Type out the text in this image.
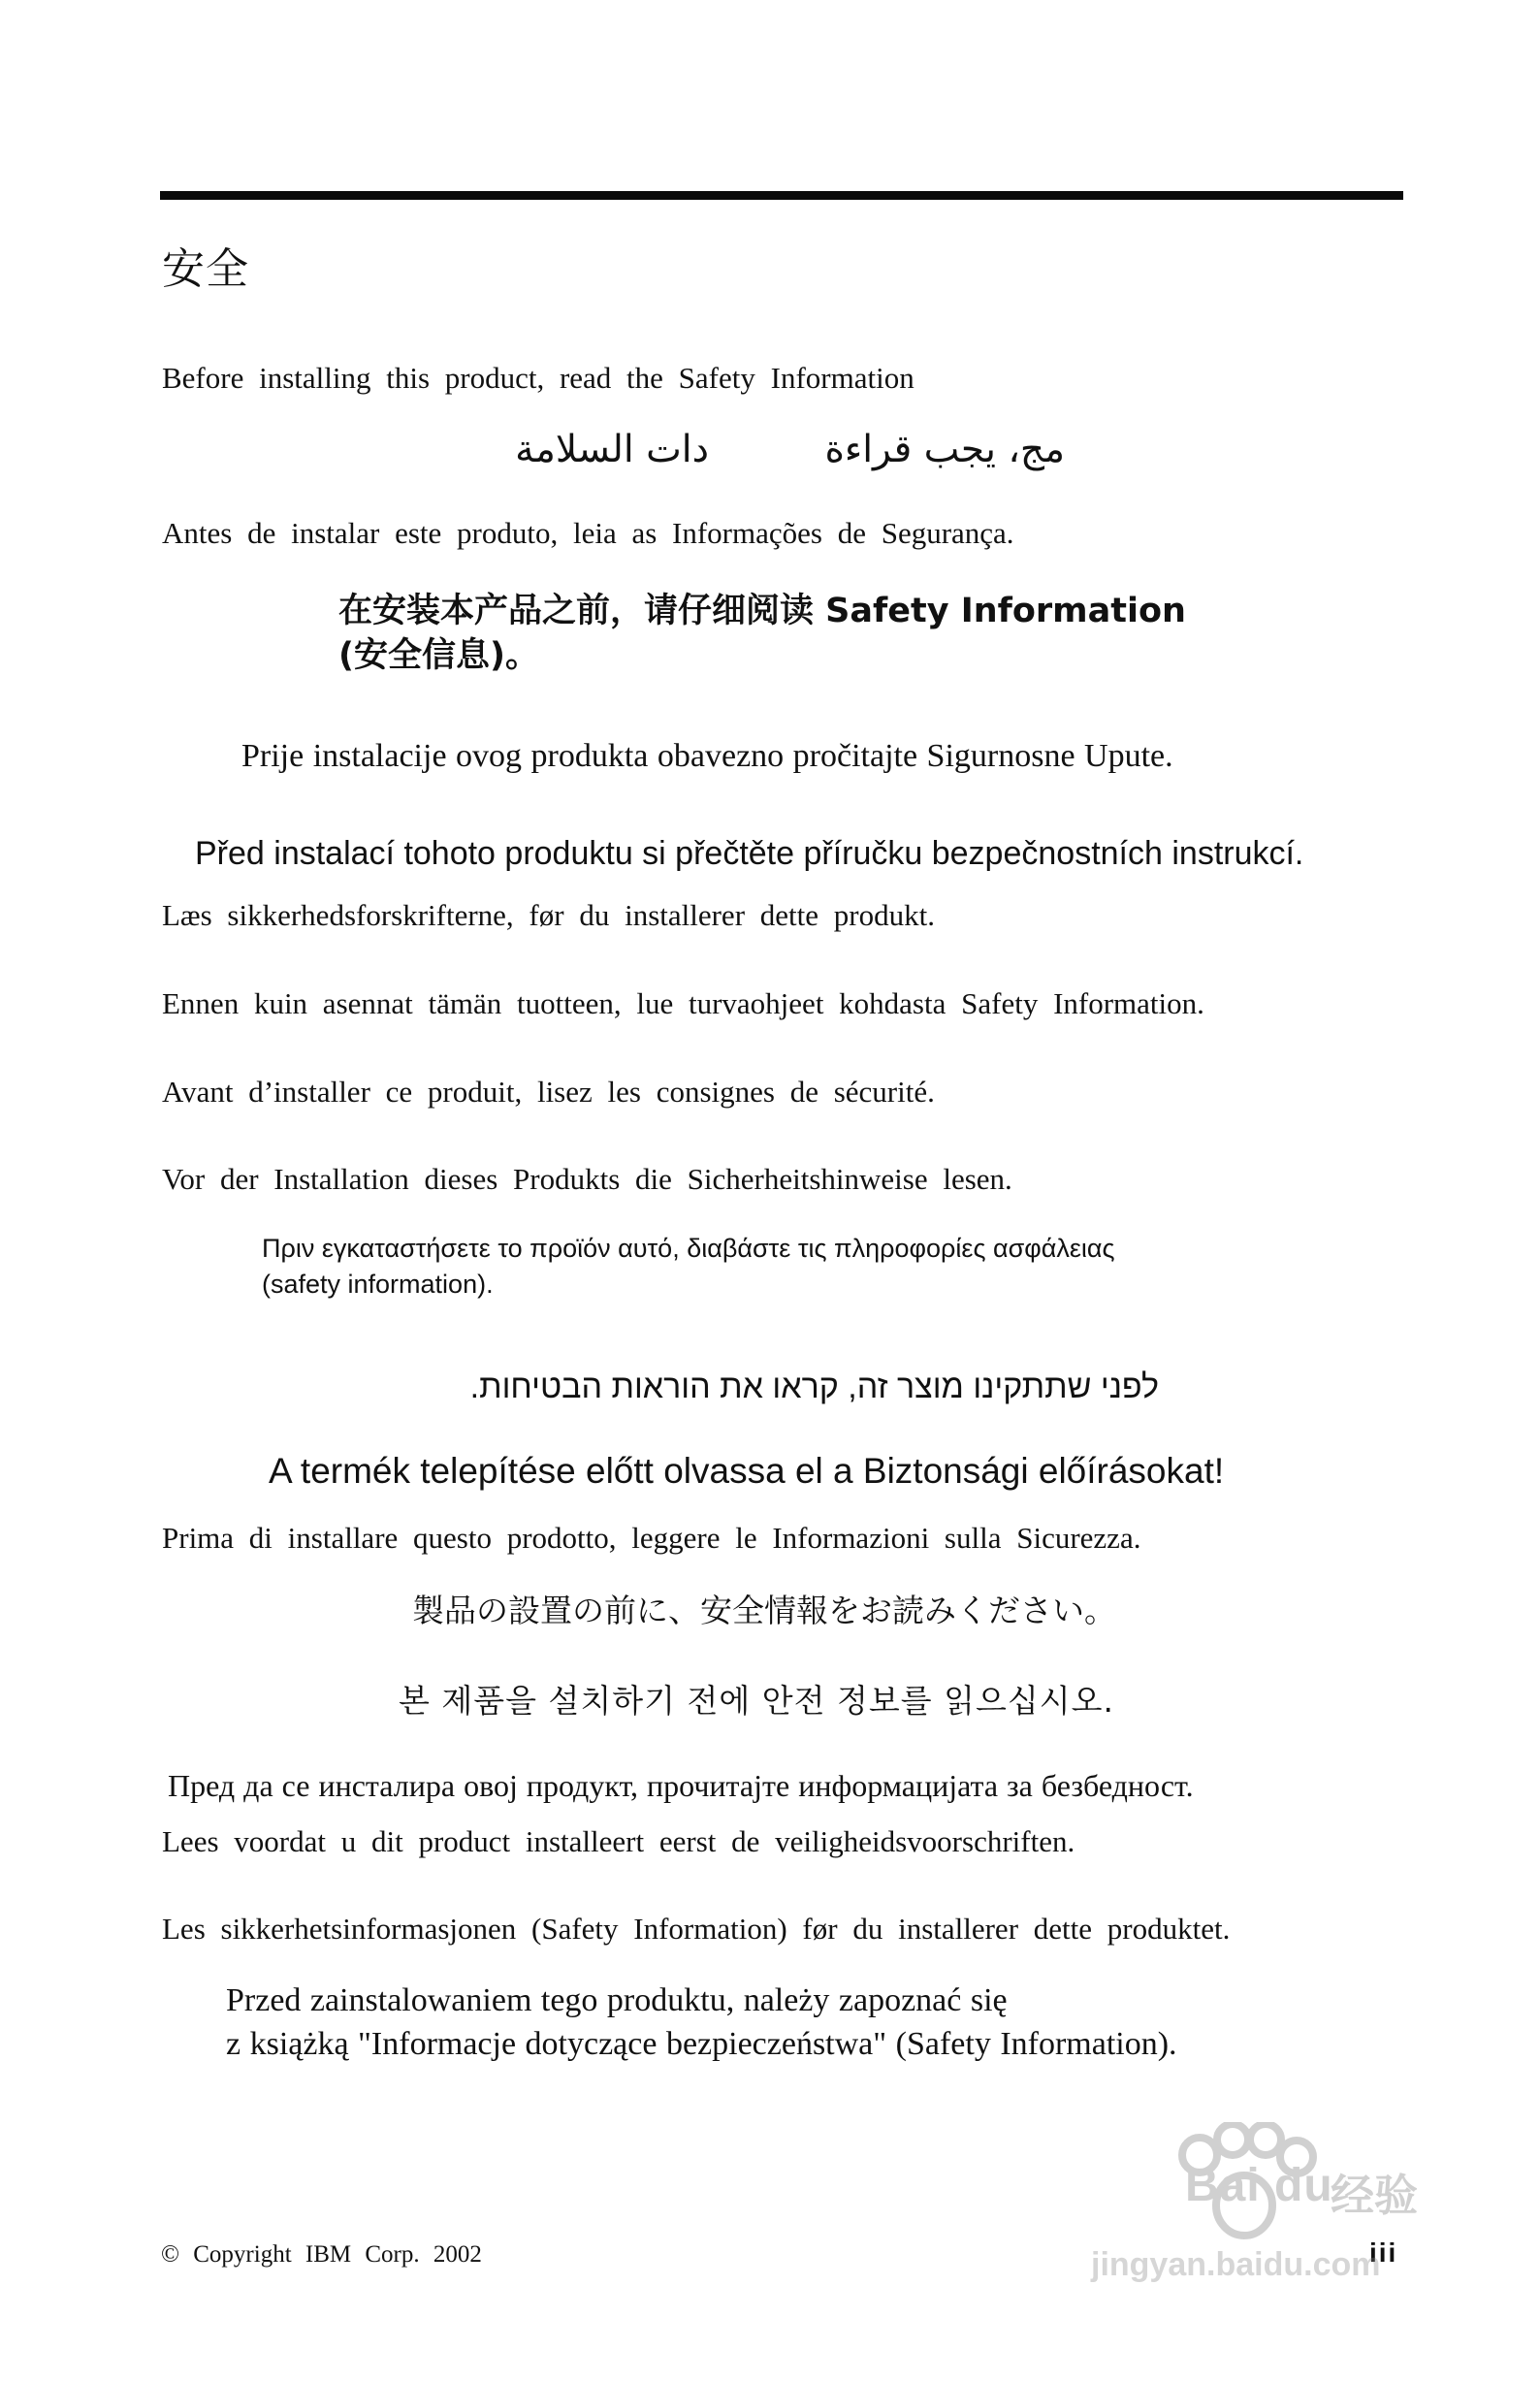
安全
Before installing this product, read the Safety Information
دات السلامة	مج، يجب قراءة
Antes de instalar este produto, leia as Informações de Segurança.
在安装本产品之前，请仔细阅读 Safety Information
(安全信息)。
Prije instalacije ovog produkta obavezno pročitajte Sigurnosne Upute.
Před instalací tohoto produktu si přečtěte příručku bezpečnostních instrukcí.
Læs sikkerhedsforskrifterne, før du installerer dette produkt.
Ennen kuin asennat tämän tuotteen, lue turvaohjeet kohdasta Safety Information.
Avant d’installer ce produit, lisez les consignes de sécurité.
Vor der Installation dieses Produkts die Sicherheitshinweise lesen.
Πριν εγκαταστήσετε το προϊόν αυτό, διαβάστε τις πληροφορίες ασφάλειας
(safety information).
לפני שתתקינו מוצר זה, קראו את הוראות הבטיחות.
A termék telepítése előtt olvassa el a Biztonsági előírásokat!
Prima di installare questo prodotto, leggere le Informazioni sulla Sicurezza.
製品の設置の前に、安全情報をお読みください。
본 제품을 설치하기 전에 안전 정보를 읽으십시오.
Пред да се инсталира овој продукт, прочитајте информацијата за безбедност.
Lees voordat u dit product installeert eerst de veiligheidsvoorschriften.
Les sikkerhetsinformasjonen (Safety Information) før du installerer dette produktet.
Przed zainstalowaniem tego produktu, należy zapoznać się
z książką "Informacje dotyczące bezpieczeństwa" (Safety Information).
© Copyright IBM Corp. 2002	iii
Bai du
经验
jingyan.baidu.com
